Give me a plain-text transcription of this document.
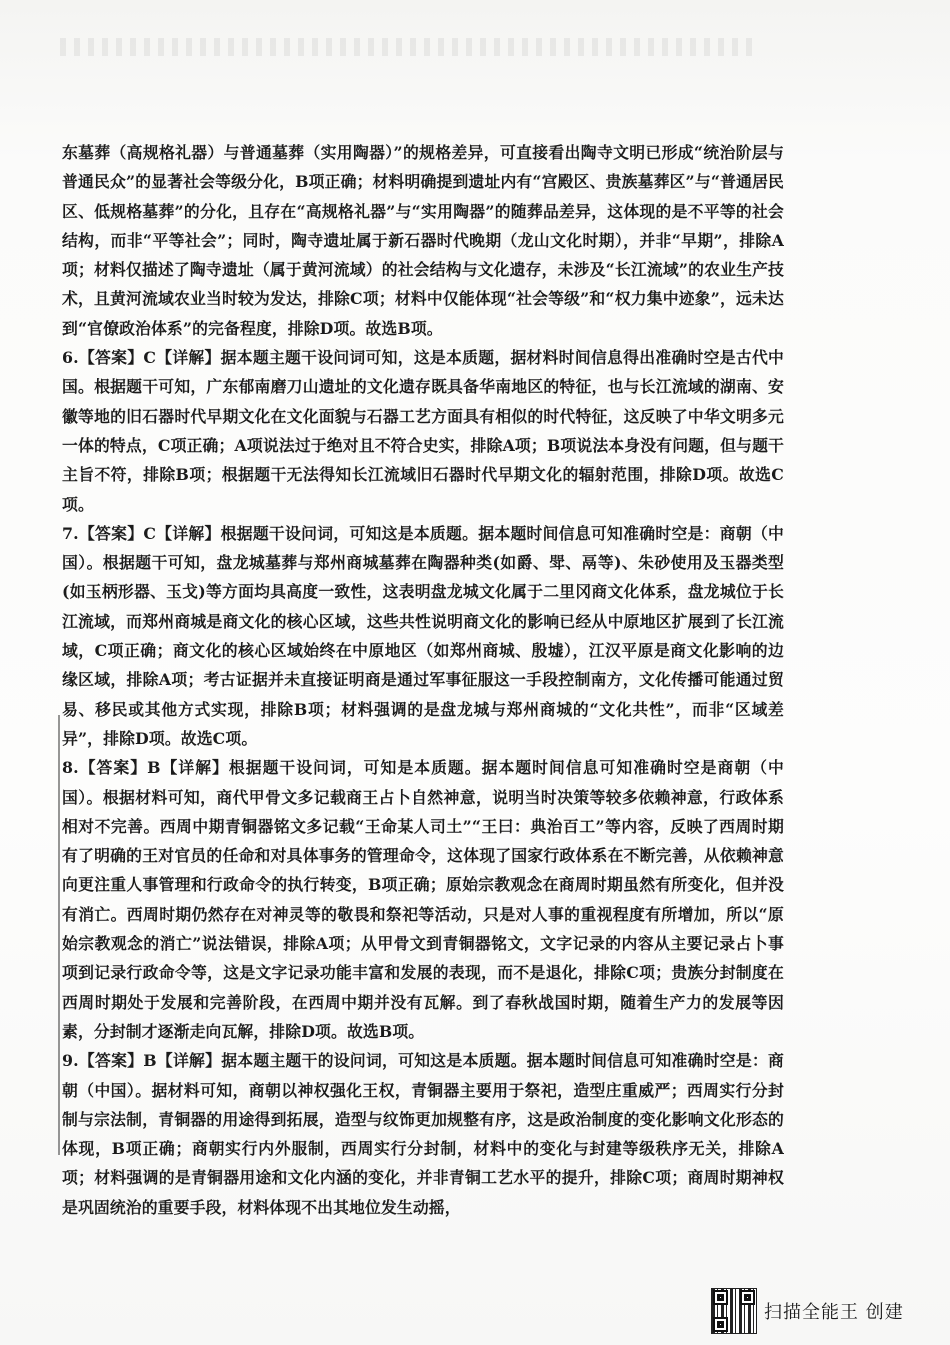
东墓葬（高规格礼器）与普通墓葬（实用陶器）”的规格差异，可直接看出陶寺文明已形成“统治阶层与普通民众”的显著社会等级分化，B项正确；材料明确提到遗址内有“宫殿区、贵族墓葬区”与“普通居民区、低规格墓葬”的分化，且存在“高规格礼器”与“实用陶器”的随葬品差异，这体现的是不平等的社会结构，而非“平等社会”；同时，陶寺遗址属于新石器时代晚期（龙山文化时期），并非“早期”，排除A项；材料仅描述了陶寺遗址（属于黄河流域）的社会结构与文化遗存，未涉及“长江流域”的农业生产技术，且黄河流域农业当时较为发达，排除C项；材料中仅能体现“社会等级”和“权力集中迹象”，远未达到“官僚政治体系”的完备程度，排除D项。故选B项。

6.【答案】C【详解】据本题主题干设问词可知，这是本质题，据材料时间信息得出准确时空是古代中国。根据题干可知，广东郁南磨刀山遗址的文化遗存既具备华南地区的特征，也与长江流域的湖南、安徽等地的旧石器时代早期文化在文化面貌与石器工艺方面具有相似的时代特征，这反映了中华文明多元一体的特点，C项正确；A项说法过于绝对且不符合史实，排除A项；B项说法本身没有问题，但与题干主旨不符，排除B项；根据题干无法得知长江流域旧石器时代早期文化的辐射范围，排除D项。故选C项。

7.【答案】C【详解】根据题干设问词，可知这是本质题。据本题时间信息可知准确时空是：商朝（中国）。根据题干可知，盘龙城墓葬与郑州商城墓葬在陶器种类(如爵、斝、鬲等)、朱砂使用及玉器类型(如玉柄形器、玉戈)等方面均具高度一致性，这表明盘龙城文化属于二里冈商文化体系，盘龙城位于长江流域，而郑州商城是商文化的核心区域，这些共性说明商文化的影响已经从中原地区扩展到了长江流域，C项正确；商文化的核心区域始终在中原地区（如郑州商城、殷墟），江汉平原是商文化影响的边缘区域，排除A项；考古证据并未直接证明商是通过军事征服这一手段控制南方，文化传播可能通过贸易、移民或其他方式实现，排除B项；材料强调的是盘龙城与郑州商城的“文化共性”，而非“区域差异”，排除D项。故选C项。

8.【答案】B【详解】根据题干设问词，可知是本质题。据本题时间信息可知准确时空是商朝（中国）。根据材料可知，商代甲骨文多记载商王占卜自然神意，说明当时决策等较多依赖神意，行政体系相对不完善。西周中期青铜器铭文多记载“王命某人司土”“王曰：典治百工”等内容，反映了西周时期有了明确的王对官员的任命和对具体事务的管理命令，这体现了国家行政体系在不断完善，从依赖神意向更注重人事管理和行政命令的执行转变，B项正确；原始宗教观念在商周时期虽然有所变化，但并没有消亡。西周时期仍然存在对神灵等的敬畏和祭祀等活动，只是对人事的重视程度有所增加，所以“原始宗教观念的消亡”说法错误，排除A项；从甲骨文到青铜器铭文，文字记录的内容从主要记录占卜事项到记录行政命令等，这是文字记录功能丰富和发展的表现，而不是退化，排除C项；贵族分封制度在西周时期处于发展和完善阶段，在西周中期并没有瓦解。到了春秋战国时期，随着生产力的发展等因素，分封制才逐渐走向瓦解，排除D项。故选B项。

9.【答案】B【详解】据本题主题干的设问词，可知这是本质题。据本题时间信息可知准确时空是：商朝（中国）。据材料可知，商朝以神权强化王权，青铜器主要用于祭祀，造型庄重威严；西周实行分封制与宗法制，青铜器的用途得到拓展，造型与纹饰更加规整有序，这是政治制度的变化影响文化形态的体现，B项正确；商朝实行内外服制，西周实行分封制，材料中的变化与封建等级秩序无关，排除A项；材料强调的是青铜器用途和文化内涵的变化，并非青铜工艺水平的提升，排除C项；商周时期神权是巩固统治的重要手段，材料体现不出其地位发生动摇，

扫描全能王 创建
